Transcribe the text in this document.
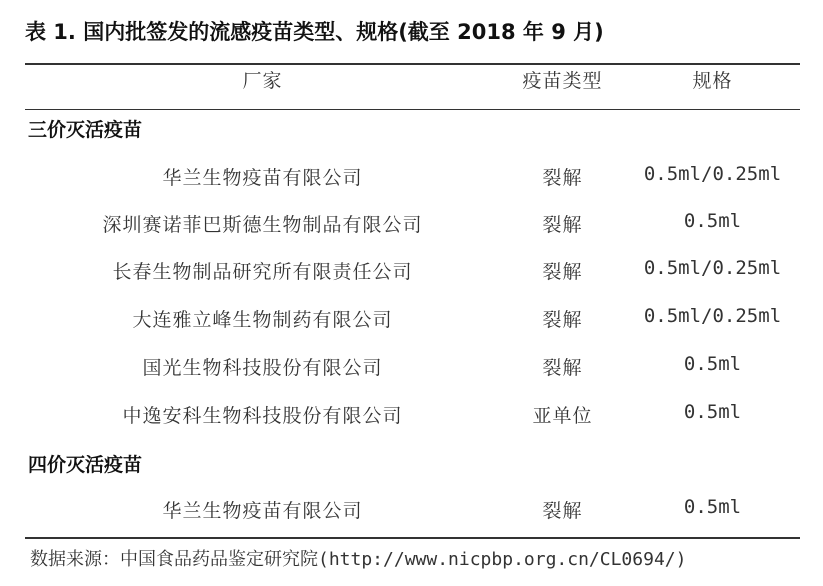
表 1. 国内批签发的流感疫苗类型、规格(截至 2018 年 9 月)
厂家	疫苗类型	规格
三价灭活疫苗
华兰生物疫苗有限公司	裂解	0.5ml/0.25ml
深圳赛诺菲巴斯德生物制品有限公司	裂解	0.5ml
长春生物制品研究所有限责任公司	裂解	0.5ml/0.25ml
大连雅立峰生物制药有限公司	裂解	0.5ml/0.25ml
国光生物科技股份有限公司	裂解	0.5ml
中逸安科生物科技股份有限公司	亚单位	0.5ml
四价灭活疫苗
华兰生物疫苗有限公司	裂解	0.5ml
数据来源：中国食品药品鉴定研究院(http://www.nicpbp.org.cn/CL0694/)
